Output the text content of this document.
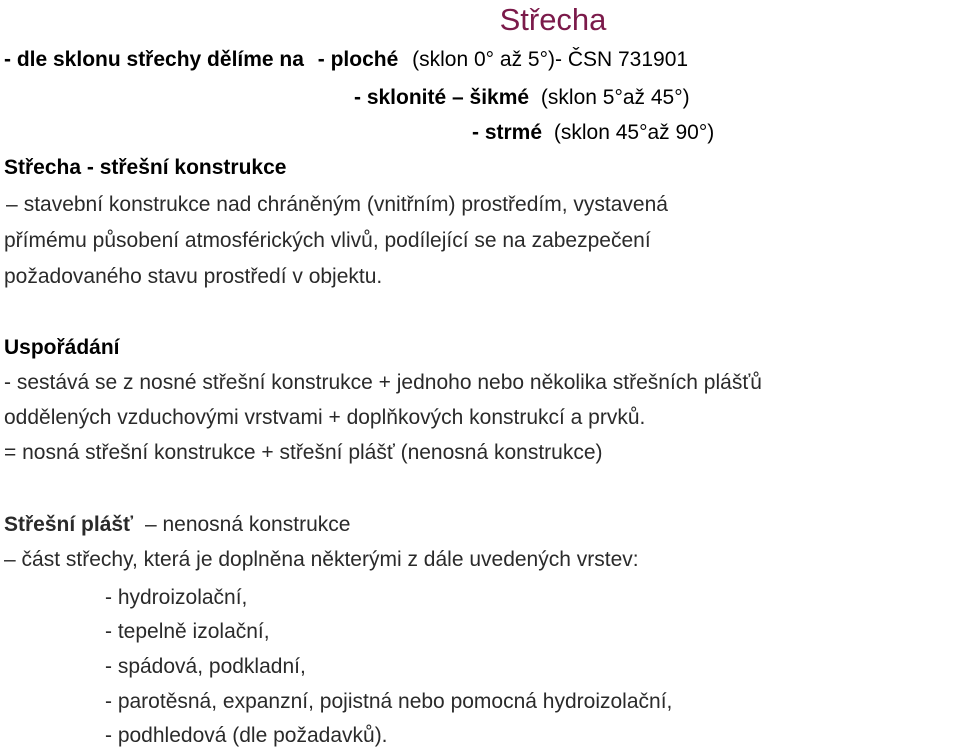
Střecha
- dle sklonu střechy dělíme na - ploché (sklon 0° až 5°)- ČSN 731901
- sklonité – šikmé (sklon 5°až 45°)
- strmé (sklon 45°až 90°)
Střecha - střešní konstrukce
– stavební konstrukce nad chráněným (vnitřním) prostředím, vystavená
přímému působení atmosférických vlivů, podílející se na zabezpečení
požadovaného stavu prostředí v objektu.
Uspořádání
- sestává se z nosné střešní konstrukce + jednoho nebo několika střešních plášťů
oddělených vzduchovými vrstvami + doplňkových konstrukcí a prvků.
= nosná střešní konstrukce + střešní plášť (nenosná konstrukce)
Střešní plášť – nenosná konstrukce
– část střechy, která je doplněna některými z dále uvedených vrstev:
- hydroizolační,
- tepelně izolační,
- spádová, podkladní,
- parotěsná, expanzní, pojistná nebo pomocná hydroizolační,
- podhledová (dle požadavků).
